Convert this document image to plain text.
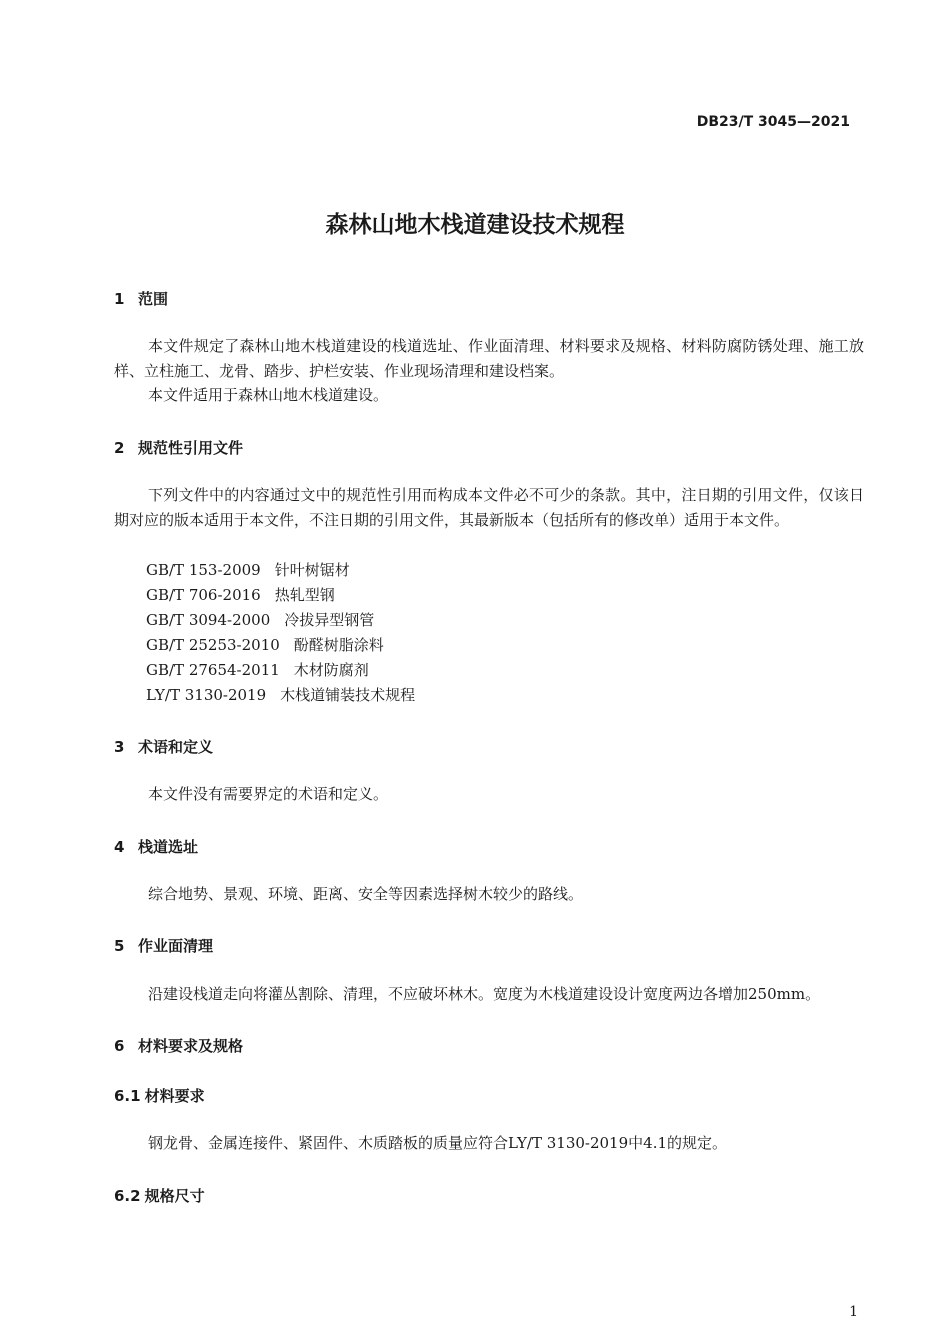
DB23/T 3045—2021
森林山地木栈道建设技术规程
1 范围

本文件规定了森林山地木栈道建设的栈道选址、作业面清理、材料要求及规格、材料防腐防锈处理、施工放样、立柱施工、龙骨、踏步、护栏安装、作业现场清理和建设档案。

本文件适用于森林山地木栈道建设。

2 规范性引用文件

下列文件中的内容通过文中的规范性引用而构成本文件必不可少的条款。其中，注日期的引用文件，仅该日期对应的版本适用于本文件，不注日期的引用文件，其最新版本（包括所有的修改单）适用于本文件。

GB/T 153-2009 针叶树锯材
GB/T 706-2016 热轧型钢
GB/T 3094-2000 冷拔异型钢管
GB/T 25253-2010 酚醛树脂涂料
GB/T 27654-2011 木材防腐剂
LY/T 3130-2019 木栈道铺装技术规程
3 术语和定义

本文件没有需要界定的术语和定义。

4 栈道选址

综合地势、景观、环境、距离、安全等因素选择树木较少的路线。

5 作业面清理

沿建设栈道走向将灌丛割除、清理，不应破坏林木。宽度为木栈道建设设计宽度两边各增加250mm。

6 材料要求及规格
6.1 材料要求

钢龙骨、金属连接件、紧固件、木质踏板的质量应符合LY/T 3130-2019中4.1的规定。

6.2 规格尺寸
1
